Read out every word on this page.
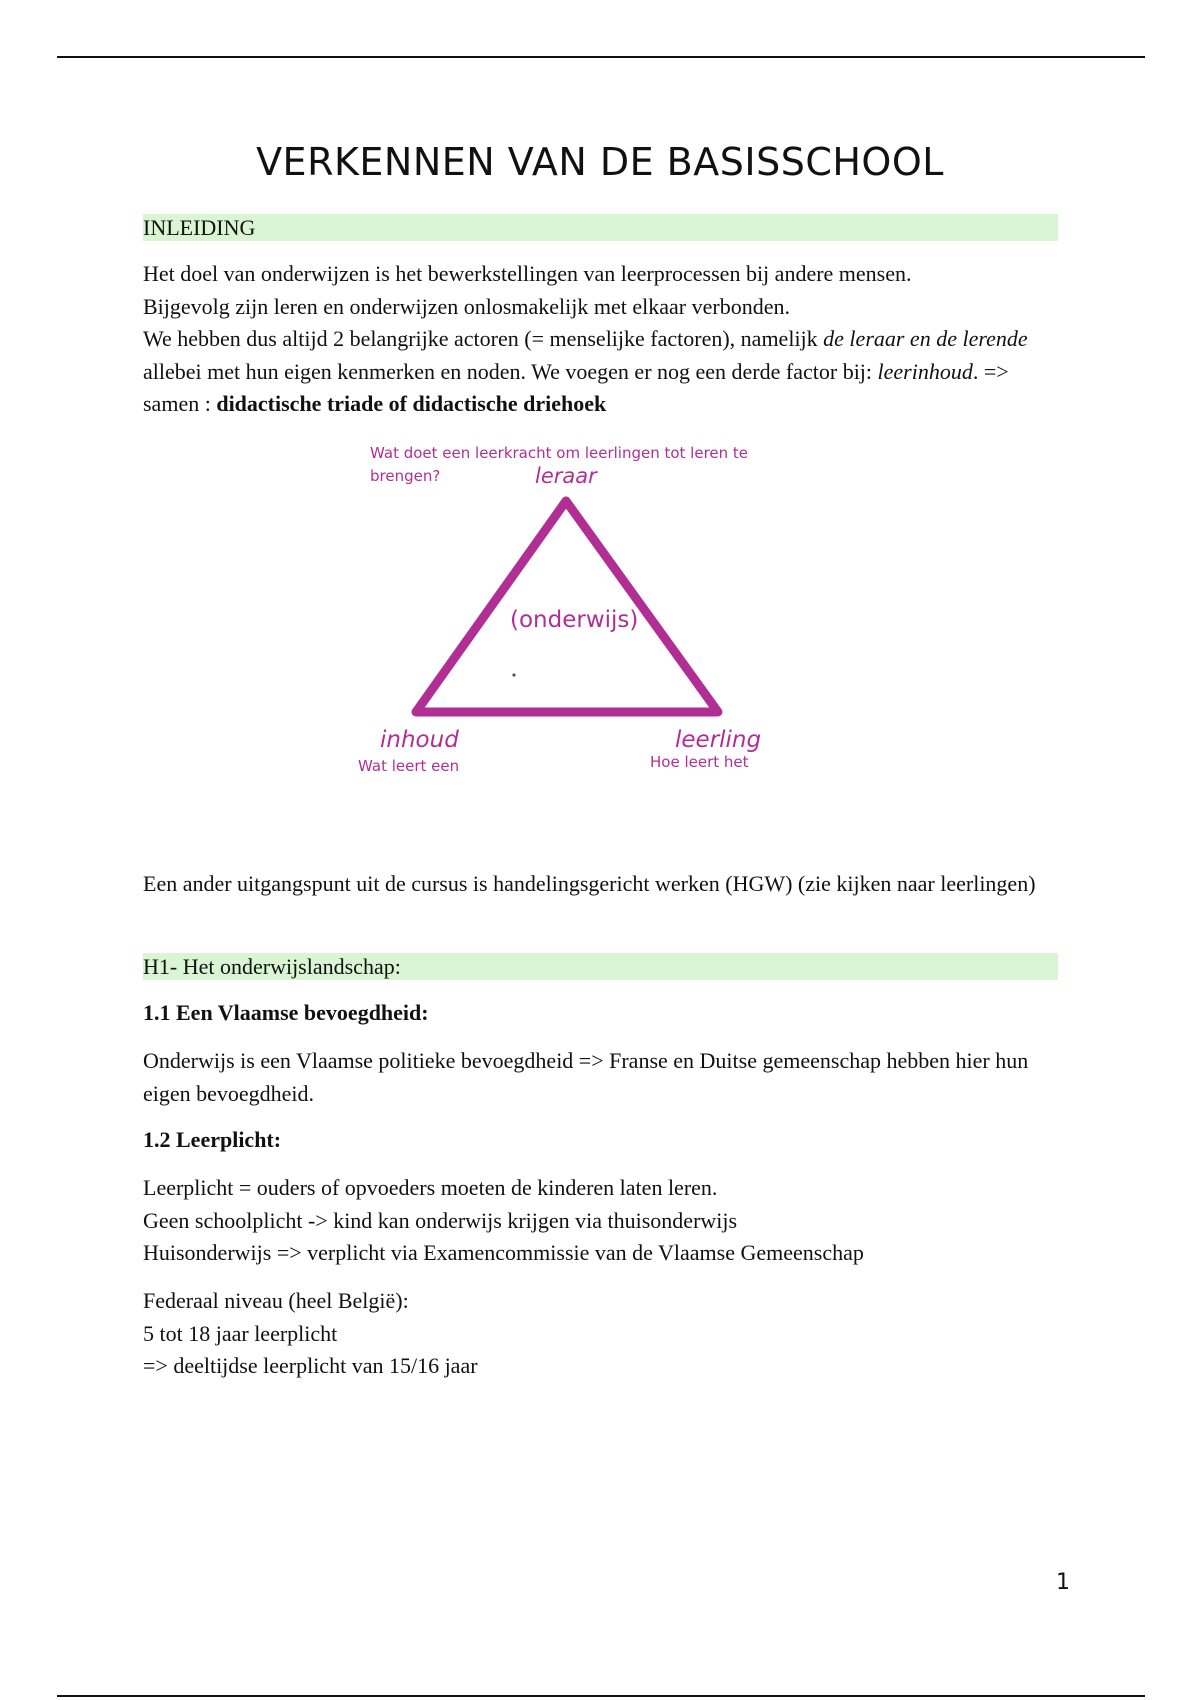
VERKENNEN VAN DE BASISSCHOOL
INLEIDING

Het doel van onderwijzen is het bewerkstellingen van leerprocessen bij andere mensen.

Bijgevolg zijn leren en onderwijzen onlosmakelijk met elkaar verbonden.

We hebben dus altijd 2 belangrijke actoren (= menselijke factoren), namelijk de leraar en de lerende allebei met hun eigen kenmerken en noden. We voegen er nog een derde factor bij: leerinhoud. => samen : didactische triade of didactische driehoek

Wat doet een leerkracht om leerlingen tot leren te
brengen?	leraar
(onderwijs)
inhoud
Wat leert een
leerling
Hoe leert het

Een ander uitgangspunt uit de cursus is handelingsgericht werken (HGW) (zie kijken naar leerlingen)

H1- Het onderwijslandschap:
1.1 Een Vlaamse bevoegdheid:

Onderwijs is een Vlaamse politieke bevoegdheid => Franse en Duitse gemeenschap hebben hier hun eigen bevoegdheid.

1.2 Leerplicht:

Leerplicht = ouders of opvoeders moeten de kinderen laten leren.

Geen schoolplicht -> kind kan onderwijs krijgen via thuisonderwijs

Huisonderwijs => verplicht via Examencommissie van de Vlaamse Gemeenschap

Federaal niveau (heel België):

5 tot 18 jaar leerplicht

=> deeltijdse leerplicht van 15/16 jaar

1
